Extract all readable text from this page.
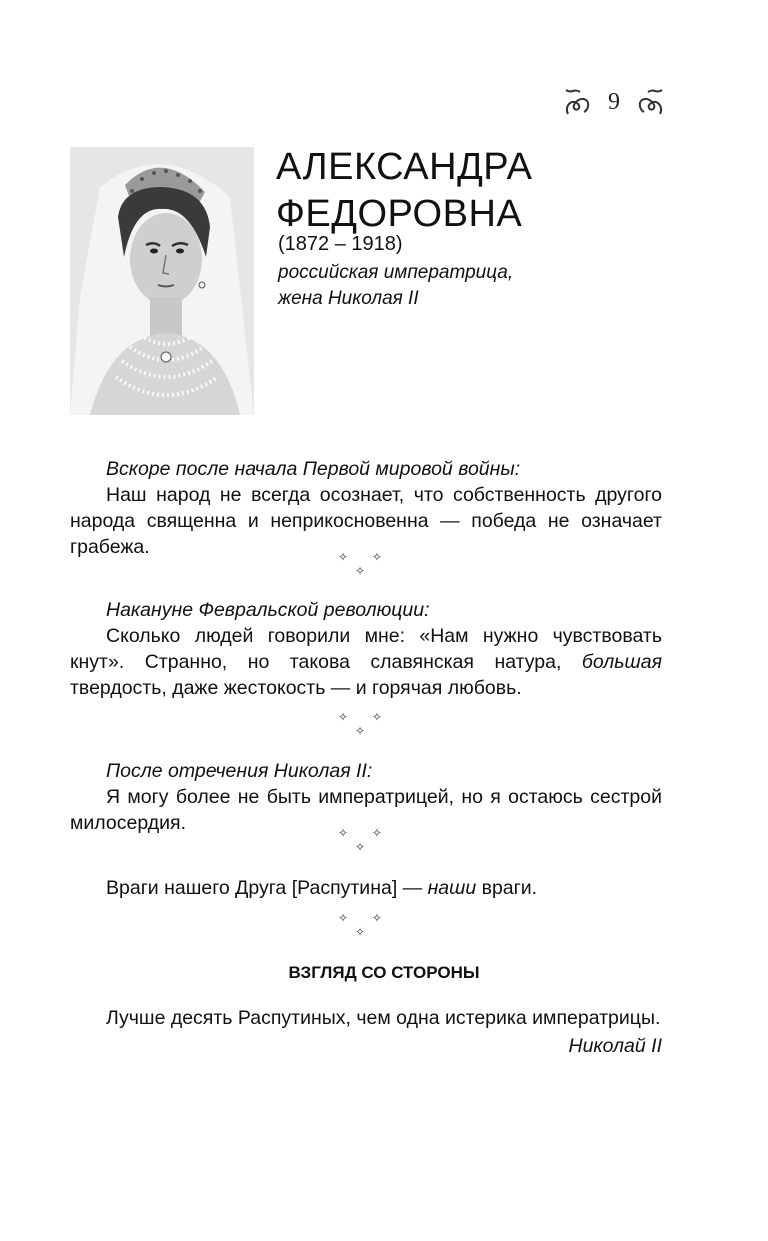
9
АЛЕКСАНДРА
ФЕДОРОВНА
(1872 – 1918)
российская императрица,
жена Николая II
Вскоре после начала Первой мировой войны:
Наш народ не всегда осознает, что собственность другого народа священна и неприкосновенна — победа не означает грабежа.	✧ ✧ ✧
Накануне Февральской революции:
Сколько людей говорили мне: «Нам нужно чувствовать кнут». Странно, но такова славянская натура, большая твердость, даже жестокость — и горячая любовь.
✧ ✧ ✧
После отречения Николая II:
Я могу более не быть императрицей, но я остаюсь сестрой милосердия.	✧ ✧ ✧
Враги нашего Друга [Распутина] — наши враги.
✧ ✧ ✧
ВЗГЛЯД СО СТОРОНЫ
Лучше десять Распутиных, чем одна истерика императрицы.
Николай II
